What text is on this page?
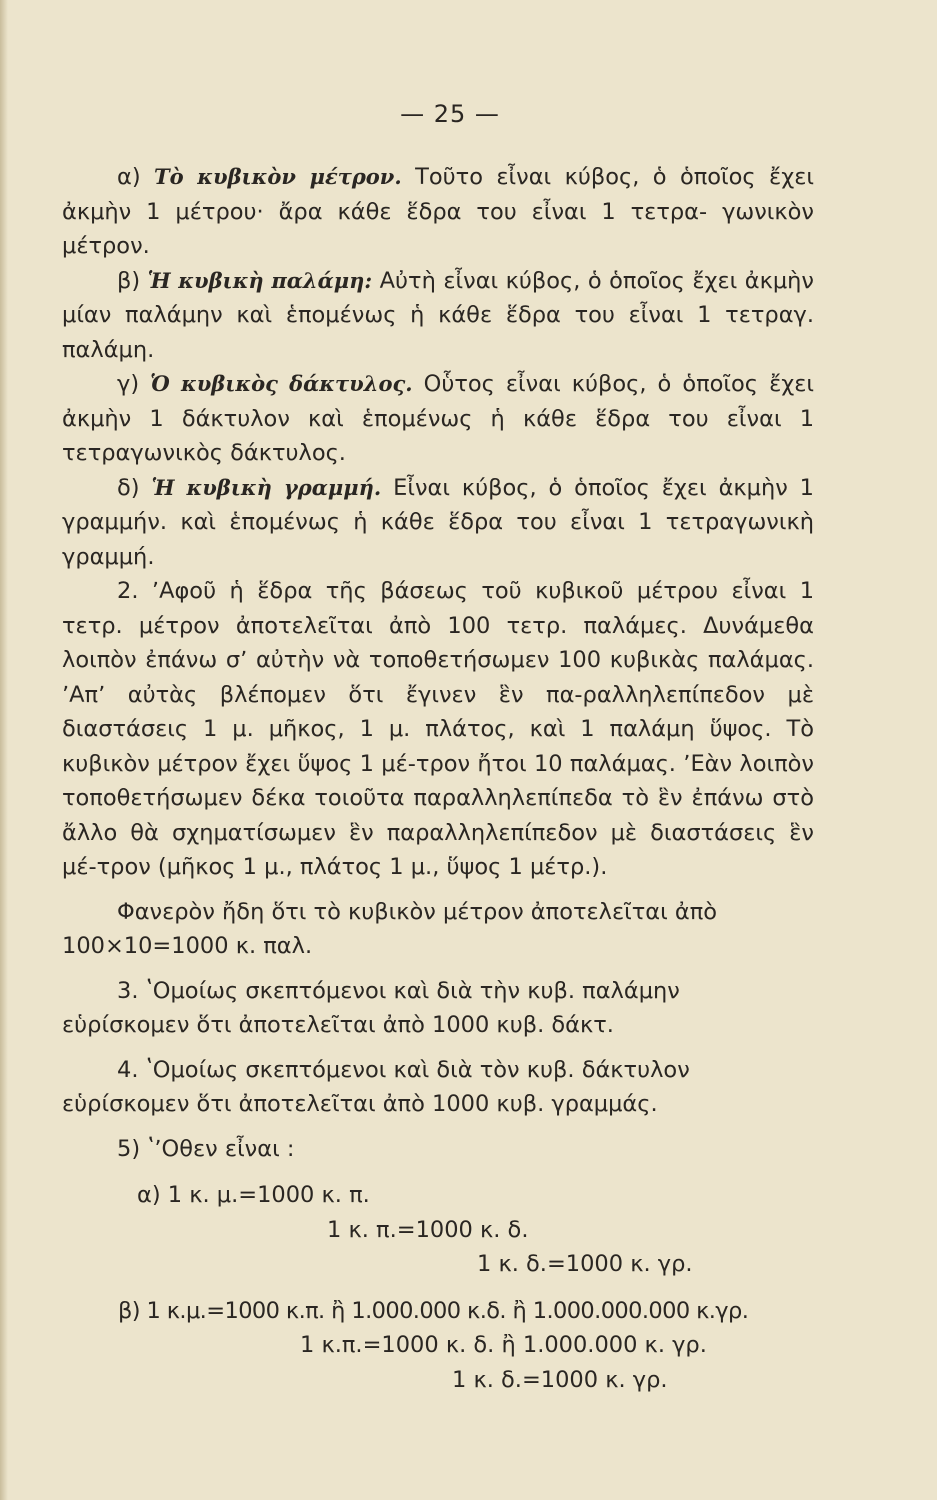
— 25 —

α) Τὸ κυβικὸν μέτρον. Τοῦτο εἶναι κύβος, ὁ ὁποῖος ἔχει ἀκμὴν 1 μέτρου· ἄρα κάθε ἕδρα του εἶναι 1 τετρα- γωνικὸν μέτρον.

β) Ἡ κυβικὴ παλάμη: Αὐτὴ εἶναι κύβος, ὁ ὁποῖος ἔχει ἀκμὴν μίαν παλάμην καὶ ἑπομένως ἡ κάθε ἕδρα του εἶναι 1 τετραγ. παλάμη.

γ) Ὁ κυβικὸς δάκτυλος. Οὗτος εἶναι κύβος, ὁ ὁποῖος ἔχει ἀκμὴν 1 δάκτυλον καὶ ἑπομένως ἡ κάθε ἕδρα του εἶναι 1 τετραγωνικὸς δάκτυλος.

δ) Ἡ κυβικὴ γραμμή. Εἶναι κύβος, ὁ ὁποῖος ἔχει ἀκμὴν 1 γραμμήν. καὶ ἑπομένως ἡ κάθε ἕδρα του εἶναι 1 τετραγωνικὴ γραμμή.

2. ʼΑφοῦ ἡ ἕδρα τῆς βάσεως τοῦ κυβικοῦ μέτρου εἶναι 1 τετρ. μέτρον ἀποτελεῖται ἀπὸ 100 τετρ. παλάμες. Δυνάμεθα λοιπὸν ἐπάνω σʼ αὐτὴν νὰ τοποθετήσωμεν 100 κυβικὰς παλάμας. ʼΑπʼ αὐτὰς βλέπομεν ὅτι ἔγινεν ἓν πα-ραλληλεπίπεδον μὲ διαστάσεις 1 μ. μῆκος, 1 μ. πλάτος, καὶ 1 παλάμη ὕψος. Τὸ κυβικὸν μέτρον ἔχει ὕψος 1 μέ-τρον ἤτοι 10 παλάμας. ʼΕὰν λοιπὸν τοποθετήσωμεν δέκα τοιοῦτα παραλληλεπίπεδα τὸ ἓν ἐπάνω στὸ ἄλλο θὰ σχηματίσωμεν ἓν παραλληλεπίπεδον μὲ διαστάσεις ἓν μέ-τρον (μῆκος 1 μ., πλάτος 1 μ., ὕψος 1 μέτρ.).

Φανερὸν ἤδη ὅτι τὸ κυβικὸν μέτρον ἀποτελεῖται ἀπὸ 100×10=1000 κ. παλ.

3. ʽΟμοίως σκεπτόμενοι καὶ διὰ τὴν κυβ. παλάμην εὑρίσκομεν ὅτι ἀποτελεῖται ἀπὸ 1000 κυβ. δάκτ.

4. ʽΟμοίως σκεπτόμενοι καὶ διὰ τὸν κυβ. δάκτυλον εὑρίσκομεν ὅτι ἀποτελεῖται ἀπὸ 1000 κυβ. γραμμάς.

5) ʽʼΟθεν εἶναι :

α) 1 κ. μ.=1000 κ. π.

1 κ. π.=1000 κ. δ.

1 κ. δ.=1000 κ. γρ.

β) 1 κ.μ.=1000 κ.π. ἢ 1.000.000 κ.δ. ἢ 1.000.000.000 κ.γρ.

1 κ.π.=1000 κ. δ. ἢ 1.000.000 κ. γρ.

1 κ. δ.=1000 κ. γρ.
